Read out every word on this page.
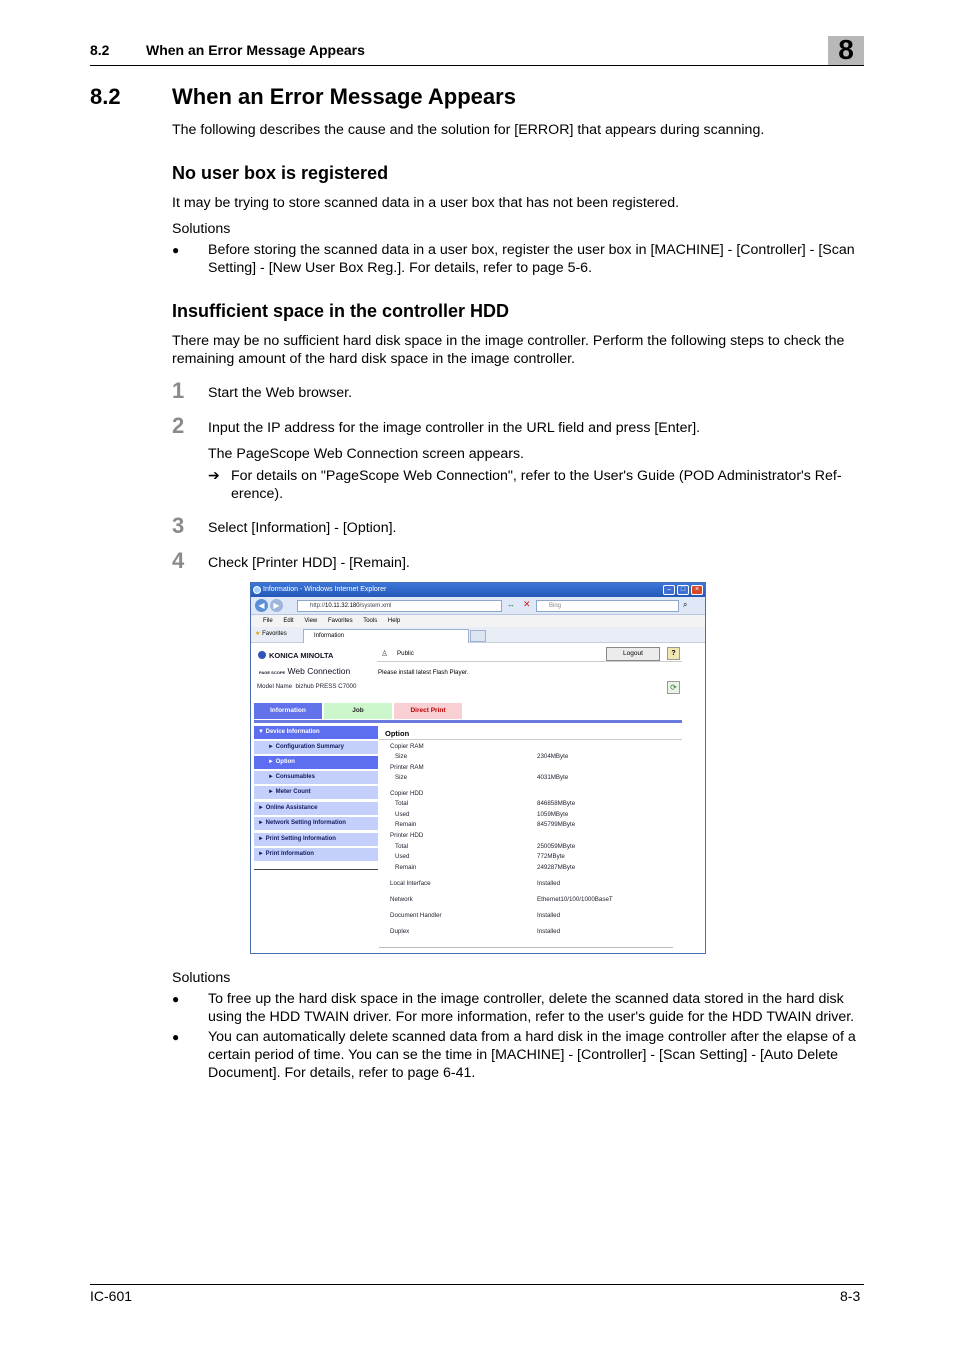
8.2	When an Error Message Appears	8
8.2 When an Error Message Appears
The following describes the cause and the solution for [ERROR] that appears during scanning.
No user box is registered
It may be trying to store scanned data in a user box that has not been registered.
Solutions
● Before storing the scanned data in a user box, register the user box in [MACHINE] - [Controller] - [Scan Setting] - [New User Box Reg.]. For details, refer to page 5-6.
Insufficient space in the controller HDD
There may be no sufficient hard disk space in the image controller. Perform the following steps to check the remaining amount of the hard disk space in the image controller.
1 Start the Web browser.
2 Input the IP address for the image controller in the URL field and press [Enter].
The PageScope Web Connection screen appears.
➔ For details on "PageScope Web Connection", refer to the User's Guide (POD Administrator's Ref-erence).
3 Select [Information] - [Option].
4 Check [Printer HDD] - [Remain].
Information - Windows Internet Explorer	–	□	×
◀	▶	http://10.11.32.180/system.xml	↔ ✕	Bing	⌕
File Edit View Favorites Tools Help
★ Favorites	Information
KONICA MINOLTA
PAGE SCOPE Web Connection
Model Name bizhub PRESS C7000
♙ Public
Please install latest Flash Player.
Logout	?
⟳
Information	Job	Direct Print
▼ Device Information
► Configuration Summary
► Option
► Consumables
► Meter Count
► Online Assistance
► Network Setting Information
► Print Setting Information
► Print Information
Option
Copier RAM
Size	2304MByte
Printer RAM
Size	4031MByte
Copier HDD
Total	846858MByte
Used	1059MByte
Remain	845799MByte
Printer HDD
Total	250059MByte
Used	772MByte
Remain	249287MByte
Local Interface	Installed
Network	Ethernet10/100/1000BaseT
Document Handler	Installed
Duplex	Installed
Solutions
● To free up the hard disk space in the image controller, delete the scanned data stored in the hard disk using the HDD TWAIN driver. For more information, refer to the user's guide for the HDD TWAIN driver.
● You can automatically delete scanned data from a hard disk in the image controller after the elapse of a certain period of time. You can se the time in [MACHINE] - [Controller] - [Scan Setting] - [Auto Delete Document]. For details, refer to page 6-41.
IC-601	8-3
